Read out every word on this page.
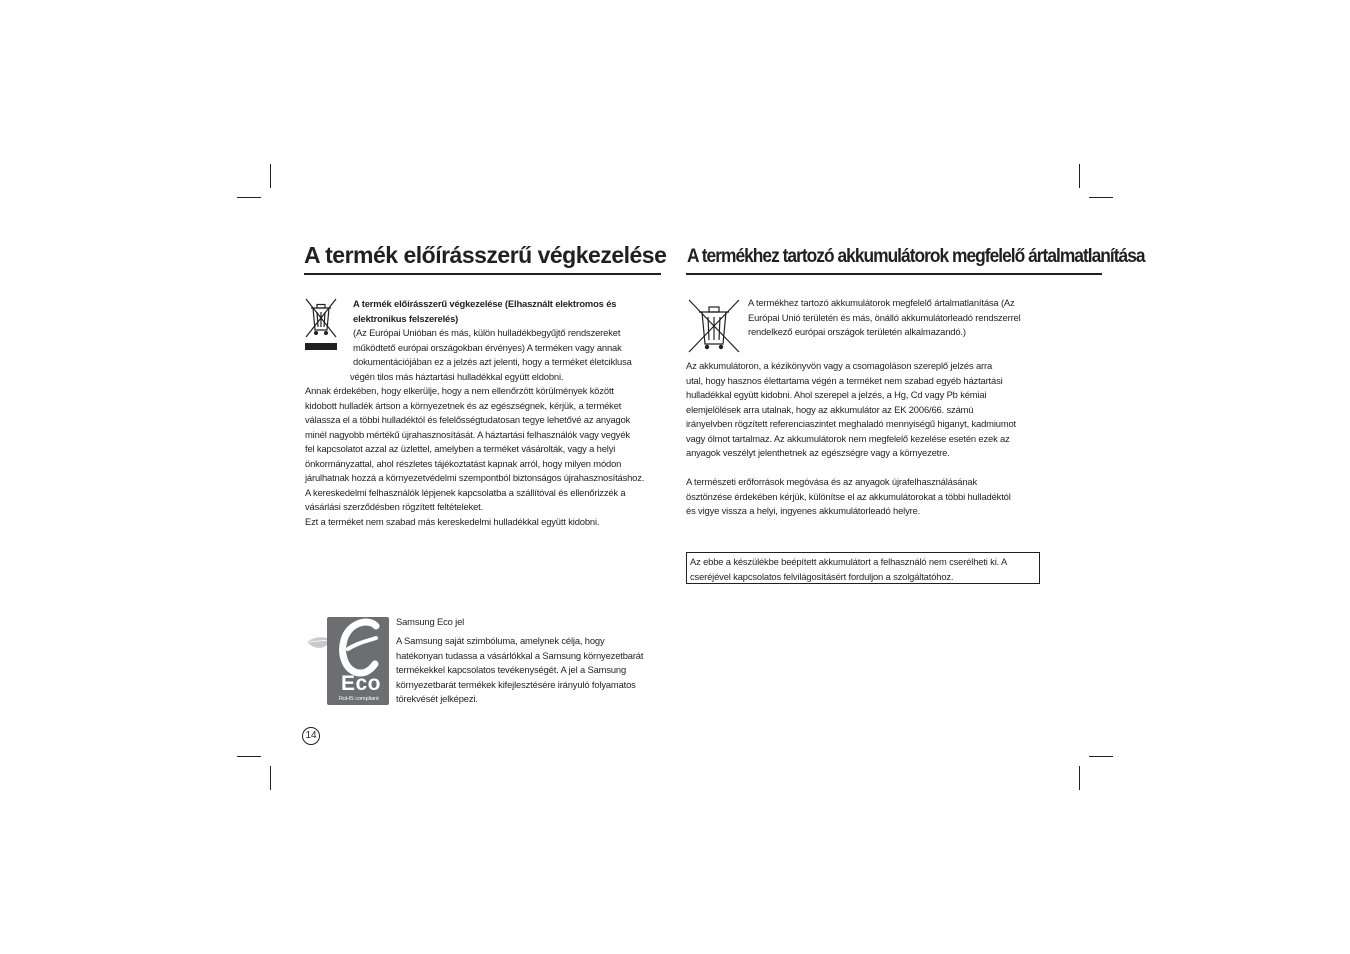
A termék előírásszerű végkezelése
A termék előírásszerű végkezelése (Elhasznált elektromos és
elektronikus felszerelés)
(Az Európai Unióban és más, külön hulladékbegyűjtő rendszereket
működtető európai országokban érvényes) A terméken vagy annak
dokumentációjában ez a jelzés azt jelenti, hogy a terméket életciklusa
végén tilos más háztartási hulladékkal együtt eldobni.
Annak érdekében, hogy elkerülje, hogy a nem ellenőrzött körülmények között
kidobott hulladék ártson a környezetnek és az egészségnek, kérjük, a terméket
válassza el a többi hulladéktól és felelősségtudatosan tegye lehetővé az anyagok
minél nagyobb mértékű újrahasznosítását. A háztartási felhasználók vagy vegyék
fel kapcsolatot azzal az üzlettel, amelyben a terméket vásárolták, vagy a helyi
önkormányzattal, ahol részletes tájékoztatást kapnak arról, hogy milyen módon
járulhatnak hozzá a környezetvédelmi szempontból biztonságos újrahasznosításhoz.
A kereskedelmi felhasználók lépjenek kapcsolatba a szállítóval és ellenőrizzék a
vásárlási szerződésben rögzített feltételeket.
Ezt a terméket nem szabad más kereskedelmi hulladékkal együtt kidobni.
Eco
RoHS compliant
Samsung Eco jel
A Samsung saját szimbóluma, amelynek célja, hogy
hatékonyan tudassa a vásárlókkal a Samsung környezetbarát
termékekkel kapcsolatos tevékenységét. A jel a Samsung
környezetbarát termékek kifejlesztésére irányuló folyamatos
törekvését jelképezi.
14
A termékhez tartozó akkumulátorok megfelelő ártalmatlanítása
A termékhez tartozó akkumulátorok megfelelő ártalmatlanítása (Az
Európai Unió területén és más, önálló akkumulátorleadó rendszerrel
rendelkező európai országok területén alkalmazandó.)
Az akkumulátoron, a kézikönyvön vagy a csomagoláson szereplő jelzés arra
utal, hogy hasznos élettartama végén a terméket nem szabad egyéb háztartási
hulladékkal együtt kidobni. Ahol szerepel a jelzés, a Hg, Cd vagy Pb kémiai
elemjelölések arra utalnak, hogy az akkumulátor az EK 2006/66. számú
irányelvben rögzített referenciaszintet meghaladó mennyiségű higanyt, kadmiumot
vagy ólmot tartalmaz. Az akkumulátorok nem megfelelő kezelése esetén ezek az
anyagok veszélyt jelenthetnek az egészségre vagy a környezetre.
A természeti erőforrások megóvása és az anyagok újrafelhasználásának
ösztönzése érdekében kérjük, különítse el az akkumulátorokat a többi hulladéktól
és vigye vissza a helyi, ingyenes akkumulátorleadó helyre.
Az ebbe a készülékbe beépített akkumulátort a felhasználó nem cserélheti ki. A
cseréjével kapcsolatos felvilágosításért forduljon a szolgáltatóhoz.
